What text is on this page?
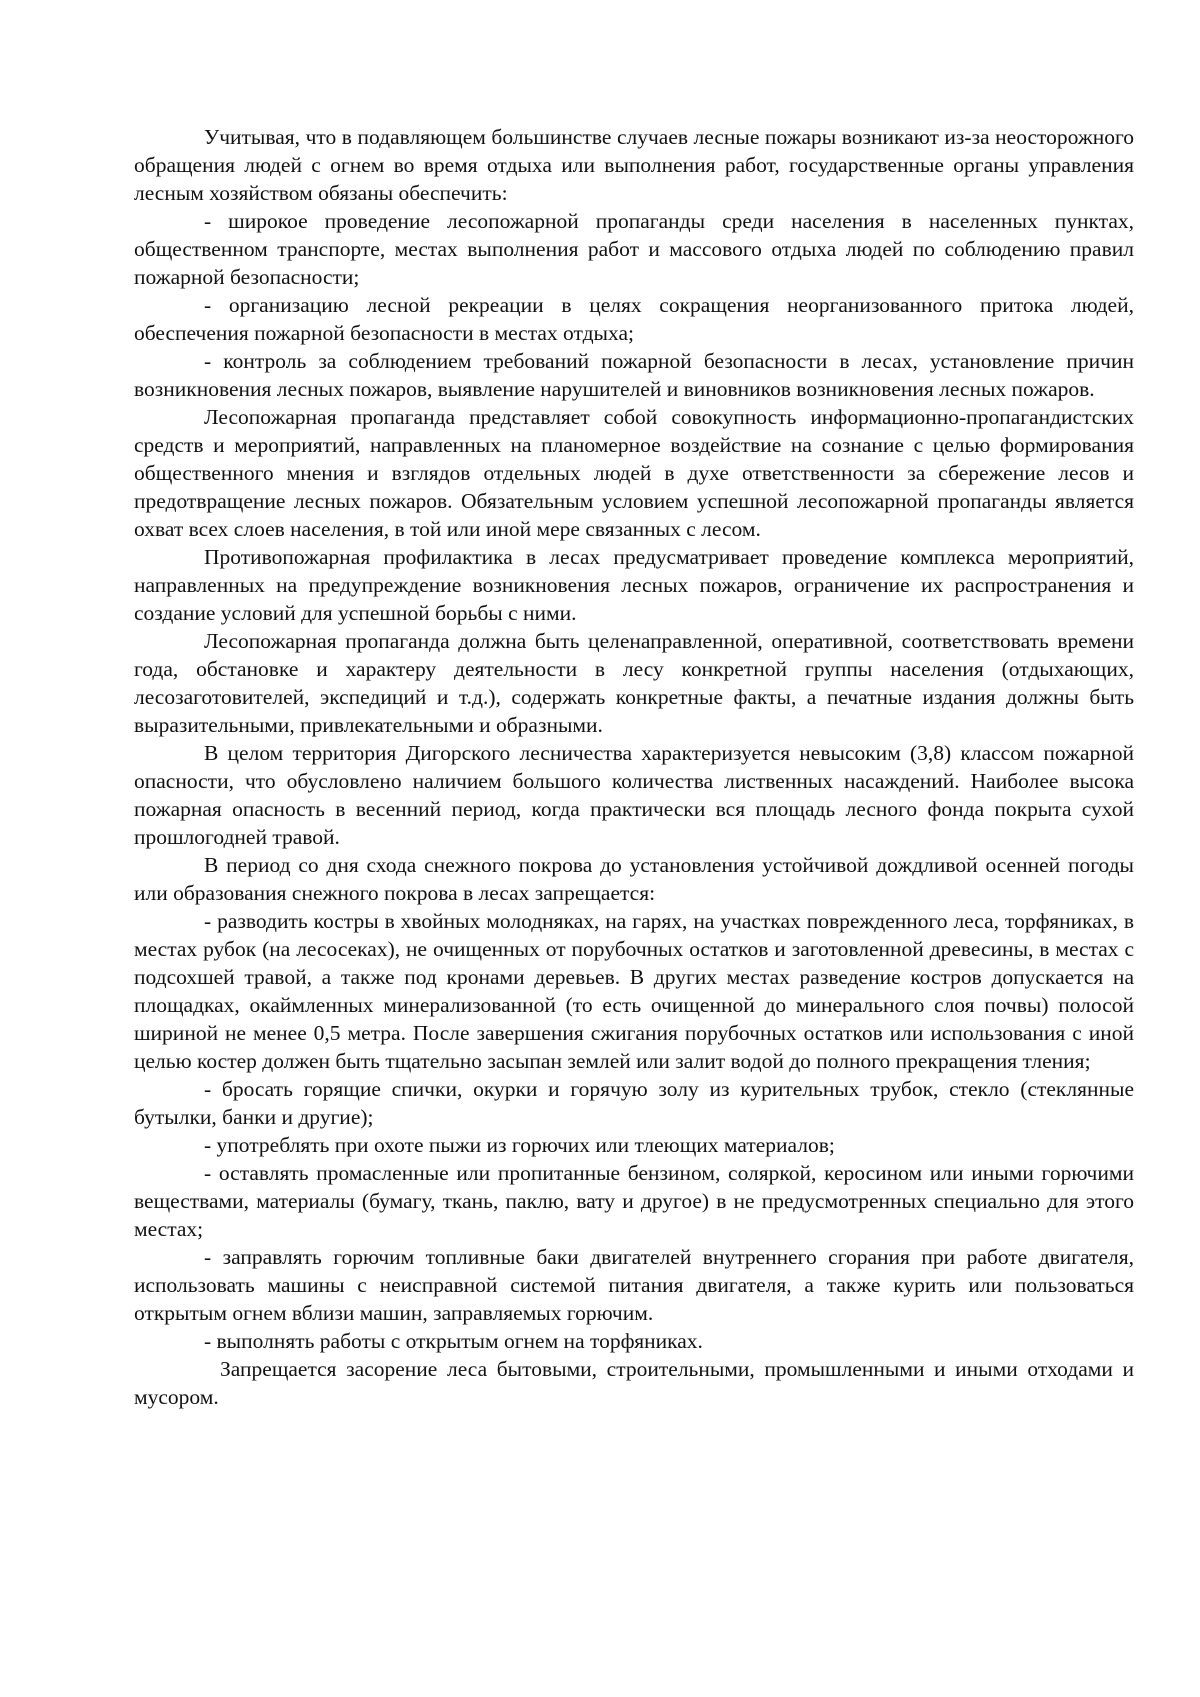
Учитывая, что в подавляющем большинстве случаев лесные пожары возникают из-за неосторожного обращения людей с огнем во время отдыха или выполнения работ, государственные органы управления лесным хозяйством обязаны обеспечить:

- широкое проведение лесопожарной пропаганды среди населения в населенных пунктах, общественном транспорте, местах выполнения работ и массового отдыха людей по соблюдению правил пожарной безопасности;

- организацию лесной рекреации в целях сокращения неорганизованного притока людей, обеспечения пожарной безопасности в местах отдыха;

- контроль за соблюдением требований пожарной безопасности в лесах, установление причин возникновения лесных пожаров, выявление нарушителей и виновников возникновения лесных пожаров.

Лесопожарная пропаганда представляет собой совокупность информационно-пропагандистских средств и мероприятий, направленных на планомерное воздействие на сознание с целью формирования общественного мнения и взглядов отдельных людей в духе ответственности за сбережение лесов и предотвращение лесных пожаров. Обязательным условием успешной лесопожарной пропаганды является охват всех слоев населения, в той или иной мере связанных с лесом.

Противопожарная профилактика в лесах предусматривает проведение комплекса мероприятий, направленных на предупреждение возникновения лесных пожаров, ограничение их распространения и создание условий для успешной борьбы с ними.

Лесопожарная пропаганда должна быть целенаправленной, оперативной, соответствовать времени года, обстановке и характеру деятельности в лесу конкретной группы населения (отдыхающих, лесозаготовителей, экспедиций и т.д.), содержать конкретные факты, а печатные издания должны быть выразительными, привлекательными и образными.

В целом территория Дигорского лесничества характеризуется невысоким (3,8) классом пожарной опасности, что обусловлено наличием большого количества лиственных насаждений. Наиболее высока пожарная опасность в весенний период, когда практически вся площадь лесного фонда покрыта сухой прошлогодней травой.

В период со дня схода снежного покрова до установления устойчивой дождливой осенней погоды или образования снежного покрова в лесах запрещается:

- разводить костры в хвойных молодняках, на гарях, на участках поврежденного леса, торфяниках, в местах рубок (на лесосеках), не очищенных от порубочных остатков и заготовленной древесины, в местах с подсохшей травой, а также под кронами деревьев. В других местах разведение костров допускается на площадках, окаймленных минерализованной (то есть очищенной до минерального слоя почвы) полосой шириной не менее 0,5 метра. После завершения сжигания порубочных остатков или использования с иной целью костер должен быть тщательно засыпан землей или залит водой до полного прекращения тления;

- бросать горящие спички, окурки и горячую золу из курительных трубок, стекло (стеклянные бутылки, банки и другие);

- употреблять при охоте пыжи из горючих или тлеющих материалов;

- оставлять промасленные или пропитанные бензином, соляркой, керосином или иными горючими веществами, материалы (бумагу, ткань, паклю, вату и другое) в не предусмотренных специально для этого местах;

- заправлять горючим топливные баки двигателей внутреннего сгорания при работе двигателя, использовать машины с неисправной системой питания двигателя, а также курить или пользоваться открытым огнем вблизи машин, заправляемых горючим.

- выполнять работы с открытым огнем на торфяниках.

Запрещается засорение леса бытовыми, строительными, промышленными и иными отходами и мусором.
